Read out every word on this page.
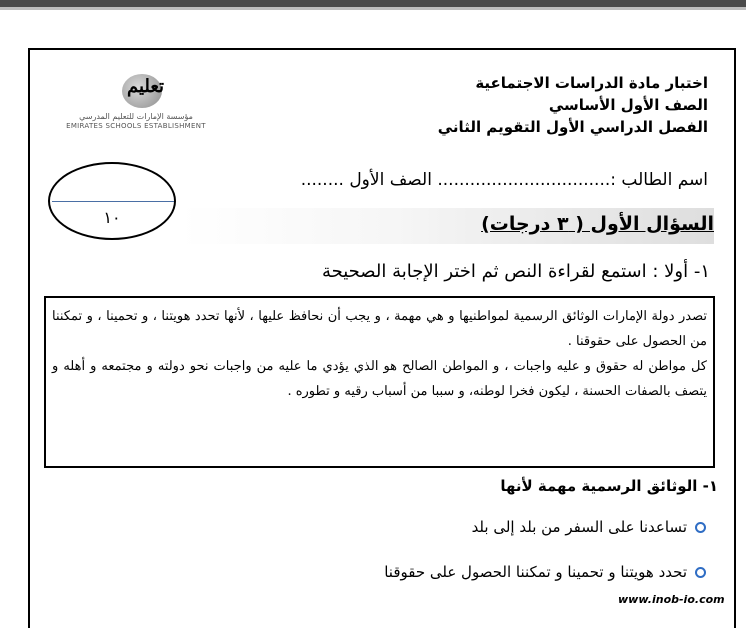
تعليم
مؤسسة الإمارات للتعليم المدرسي
EMIRATES SCHOOLS ESTABLISHMENT
اختبار مادة الدراسات الاجتماعية
الصف الأول الأساسي
الفصل الدراسي الأول التقويم الثاني
اسم الطالب :................................ الصف الأول ........
١٠	السؤال الأول ( ٣ درجات)
١- أولا : استمع لقراءة النص ثم اختر الإجابة الصحيحة

تصدر دولة الإمارات الوثائق الرسمية لمواطنيها و هي مهمة ، و يجب أن نحافظ عليها ، لأنها تحدد هويتنا ، و تحمينا ، و تمكننا من الحصول على حقوقنا .

كل مواطن له حقوق و عليه واجبات ، و المواطن الصالح هو الذي يؤدي ما عليه من واجبات نحو دولته و مجتمعه و أهله و يتصف بالصفات الحسنة ، ليكون فخرا لوطنه، و سببا من أسباب رقيه و تطوره .

١- الوثائق الرسمية مهمة لأنها
تساعدنا على السفر من بلد إلى بلد
تحدد هويتنا و تحمينا و تمكننا الحصول على حقوقنا
www.inob-io.com
